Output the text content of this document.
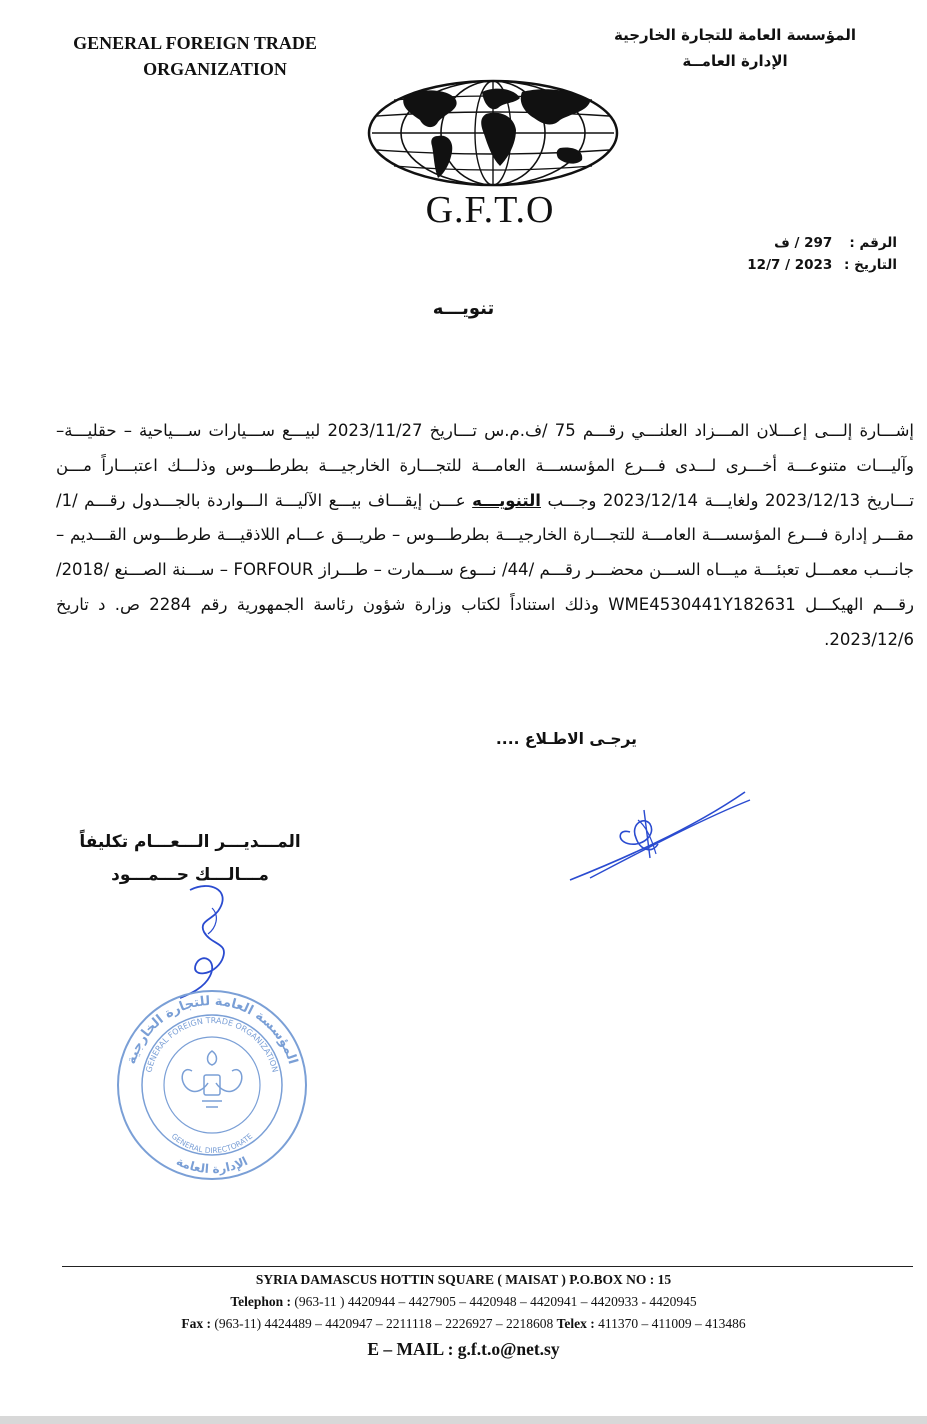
GENERAL FOREIGN TRADE
ORGANIZATION
المؤسسة العامة للتجارة الخارجية
الإدارة العامــة
G.F.T.O
الرقم : 297 / ف
التاريخ : 12/7 / 2023
تنويـــه
إشـــارة إلـــى إعـــلان المـــزاد العلنـــي رقـــم 75 /ف.م.س تـــاريخ 2023/11/27 لبيـــع ســـيارات ســـياحية – حقليـــة– وآليـــات متنوعـــة أخـــرى لـــدى فـــرع المؤسســـة العامـــة للتجـــارة الخارجيـــة بطرطـــوس وذلـــك اعتبـــاراً مـــن تـــاريخ 2023/12/13 ولغايـــة 2023/12/14 وجـــب التنويـــه عـــن إيقـــاف بيـــع الآليـــة الـــواردة بالجـــدول رقـــم /1/ مقـــر إدارة فـــرع المؤسســـة العامـــة للتجـــارة الخارجيـــة بطرطـــوس – طريـــق عـــام اللاذقيـــة طرطـــوس القـــديم – جانـــب معمـــل تعبئـــة ميـــاه الســـن محضـــر رقـــم /44/ نـــوع ســـمارت – طـــراز FORFOUR – ســـنة الصـــنع /2018/ رقـــم الهيكـــل WME4530441Y182631 وذلك استناداً لكتاب وزارة شؤون رئاسة الجمهورية رقم 2284 ص. د تاريخ 2023/12/6.
يرجـى الاطـلاع ....
المـــديـــر الـــعـــام تكليفاً
مـــالـــك حـــمـــود
المؤسسة العامة للتجارة الخارجية
GENERAL FOREIGN TRADE ORGANIZATION
GENERAL DIRECTORATE
الإدارة العامة
SYRIA DAMASCUS HOTTIN SQUARE ( MAISAT ) P.O.BOX NO : 15
Telephon : (963-11 ) 4420944 – 4427905 – 4420948 – 4420941 – 4420933 - 4420945
Fax : (963-11) 4424489 – 4420947 – 2211118 – 2226927 – 2218608 Telex : 411370 – 411009 – 413486
E – MAIL : g.f.t.o@net.sy
